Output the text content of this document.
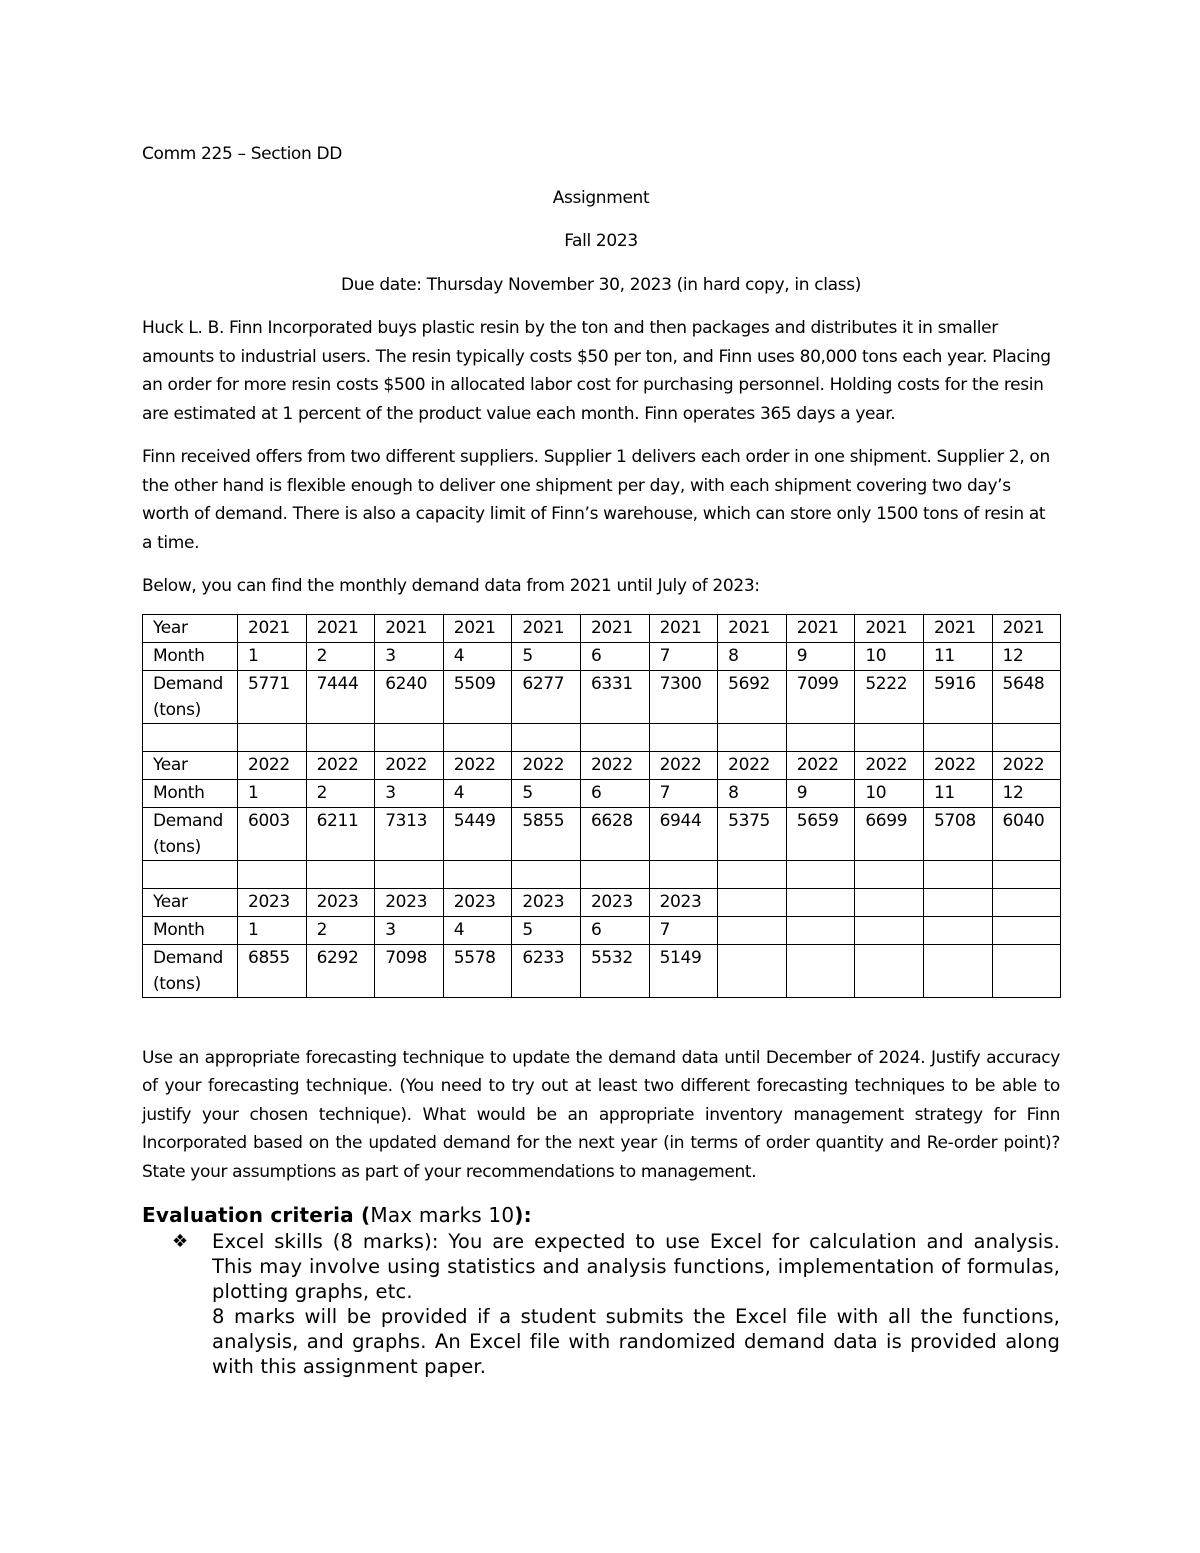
Comm 225 – Section DD

Assignment

Fall 2023

Due date: Thursday November 30, 2023 (in hard copy, in class)

Huck L. B. Finn Incorporated buys plastic resin by the ton and then packages and distributes it in smaller amounts to industrial users. The resin typically costs $50 per ton, and Finn uses 80,000 tons each year. Placing an order for more resin costs $500 in allocated labor cost for purchasing personnel. Holding costs for the resin are estimated at 1 percent of the product value each month. Finn operates 365 days a year.

Finn received offers from two different suppliers. Supplier 1 delivers each order in one shipment. Supplier 2, on the other hand is flexible enough to deliver one shipment per day, with each shipment covering two day’s worth of demand. There is also a capacity limit of Finn’s warehouse, which can store only 1500 tons of resin at a time.

Below, you can find the monthly demand data from 2021 until July of 2023:

Year	2021	2021	2021	2021	2021	2021	2021	2021	2021	2021	2021	2021
Month	1	2	3	4	5	6	7	8	9	10	11	12
Demand (tons)	5771	7444	6240	5509	6277	6331	7300	5692	7099	5222	5916	5648

Year	2022	2022	2022	2022	2022	2022	2022	2022	2022	2022	2022	2022
Month	1	2	3	4	5	6	7	8	9	10	11	12
Demand (tons)	6003	6211	7313	5449	5855	6628	6944	5375	5659	6699	5708	6040

Year	2023	2023	2023	2023	2023	2023	2023					
Month	1	2	3	4	5	6	7					
Demand (tons)	6855	6292	7098	5578	6233	5532	5149					

Use an appropriate forecasting technique to update the demand data until December of 2024. Justify accuracy of your forecasting technique. (You need to try out at least two different forecasting techniques to be able to justify your chosen technique). What would be an appropriate inventory management strategy for Finn Incorporated based on the updated demand for the next year (in terms of order quantity and Re-order point)? State your assumptions as part of your recommendations to management.

Evaluation criteria (Max marks 10):

❖ Excel skills (8 marks): You are expected to use Excel for calculation and analysis. This may involve using statistics and analysis functions, implementation of formulas, plotting graphs, etc.
8 marks will be provided if a student submits the Excel file with all the functions, analysis, and graphs. An Excel file with randomized demand data is provided along with this assignment paper.
